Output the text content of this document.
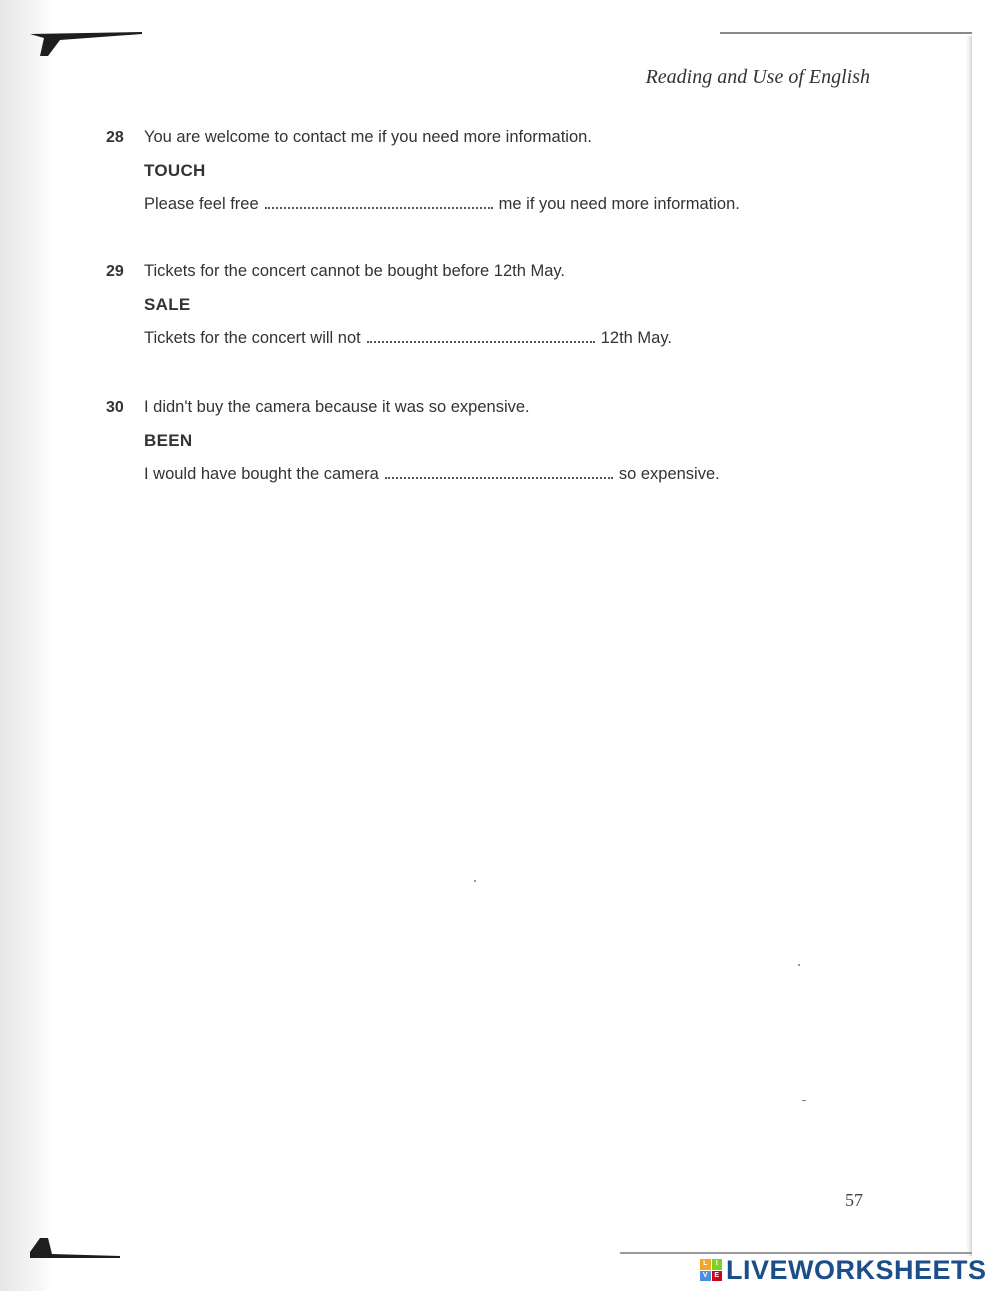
Reading and Use of English
28	You are welcome to contact me if you need more information.
TOUCH
Please feel free	me if you need more information.
29	Tickets for the concert cannot be bought before 12th May.
SALE
Tickets for the concert will not	12th May.
30	I didn't buy the camera because it was so expensive.
BEEN
I would have bought the camera	so expensive.
57
L	I
V E LIVEWORKSHEETS
